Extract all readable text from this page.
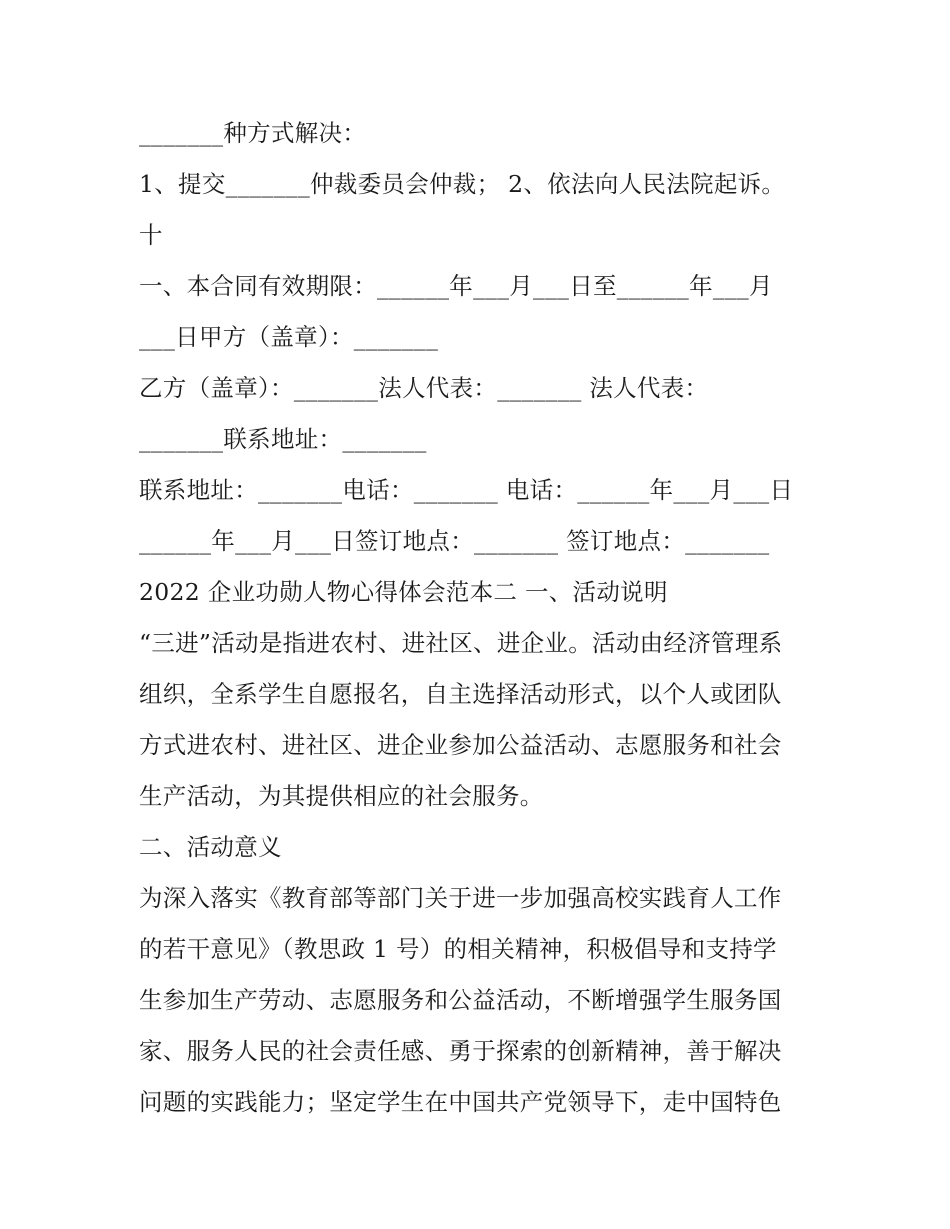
_______种方式解决：
1、提交_______仲裁委员会仲裁； 2、依法向人民法院起诉。
十
一、本合同有效期限：______年___月___日至______年___月
___日甲方（盖章）：_______
乙方（盖章）：_______法人代表：_______ 法人代表：
_______联系地址：_______
联系地址：_______电话：_______ 电话：______年___月___日
______年___月___日签订地点：_______ 签订地点：_______
2022 企业功勋人物心得体会范本二 一、活动说明
“三进”活动是指进农村、进社区、进企业。活动由经济管理系
组织，全系学生自愿报名，自主选择活动形式，以个人或团队
方式进农村、进社区、进企业参加公益活动、志愿服务和社会
生产活动，为其提供相应的社会服务。
二、活动意义
为深入落实《教育部等部门关于进一步加强高校实践育人工作
的若干意见》（教思政 1 号）的相关精神，积极倡导和支持学
生参加生产劳动、志愿服务和公益活动，不断增强学生服务国
家、服务人民的社会责任感、勇于探索的创新精神，善于解决
问题的实践能力；坚定学生在中国共产党领导下，走中国特色
